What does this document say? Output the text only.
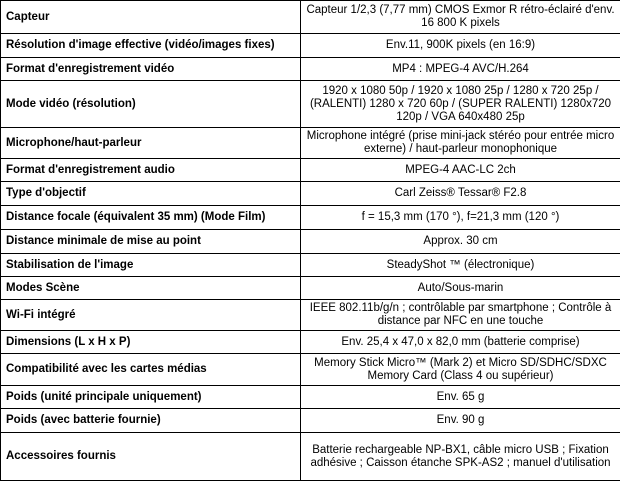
Capteur	Capteur 1/2,3 (7,77 mm) CMOS Exmor R rétro-éclairé d'env. 16 800 K pixels
Résolution d'image effective (vidéo/images fixes)	Env.11, 900K pixels (en 16:9)
Format d'enregistrement vidéo	MP4 : MPEG-4 AVC/H.264
Mode vidéo (résolution)	1920 x 1080 50p / 1920 x 1080 25p / 1280 x 720 25p / (RALENTI) 1280 x 720 60p / (SUPER RALENTI) 1280x720 120p / VGA 640x480 25p
Microphone/haut-parleur	Microphone intégré (prise mini-jack stéréo pour entrée micro externe) / haut-parleur monophonique
Format d'enregistrement audio	MPEG-4 AAC-LC 2ch
Type d'objectif	Carl Zeiss® Tessar® F2.8
Distance focale (équivalent 35 mm) (Mode Film)	f = 15,3 mm (170 °), f=21,3 mm (120 °)
Distance minimale de mise au point	Approx. 30 cm
Stabilisation de l'image	SteadyShot ™ (électronique)
Modes Scène	Auto/Sous-marin
Wi-Fi intégré	IEEE 802.11b/g/n ; contrôlable par smartphone ; Contrôle à distance par NFC en une touche
Dimensions (L x H x P)	Env. 25,4 x 47,0 x 82,0 mm (batterie comprise)
Compatibilité avec les cartes médias	Memory Stick Micro™ (Mark 2) et Micro SD/SDHC/SDXC Memory Card (Class 4 ou supérieur)
Poids (unité principale uniquement)	Env. 65 g
Poids (avec batterie fournie)	Env. 90 g
Accessoires fournis	Batterie rechargeable NP-BX1, câble micro USB ; Fixation adhésive ; Caisson étanche SPK-AS2 ; manuel d'utilisation
